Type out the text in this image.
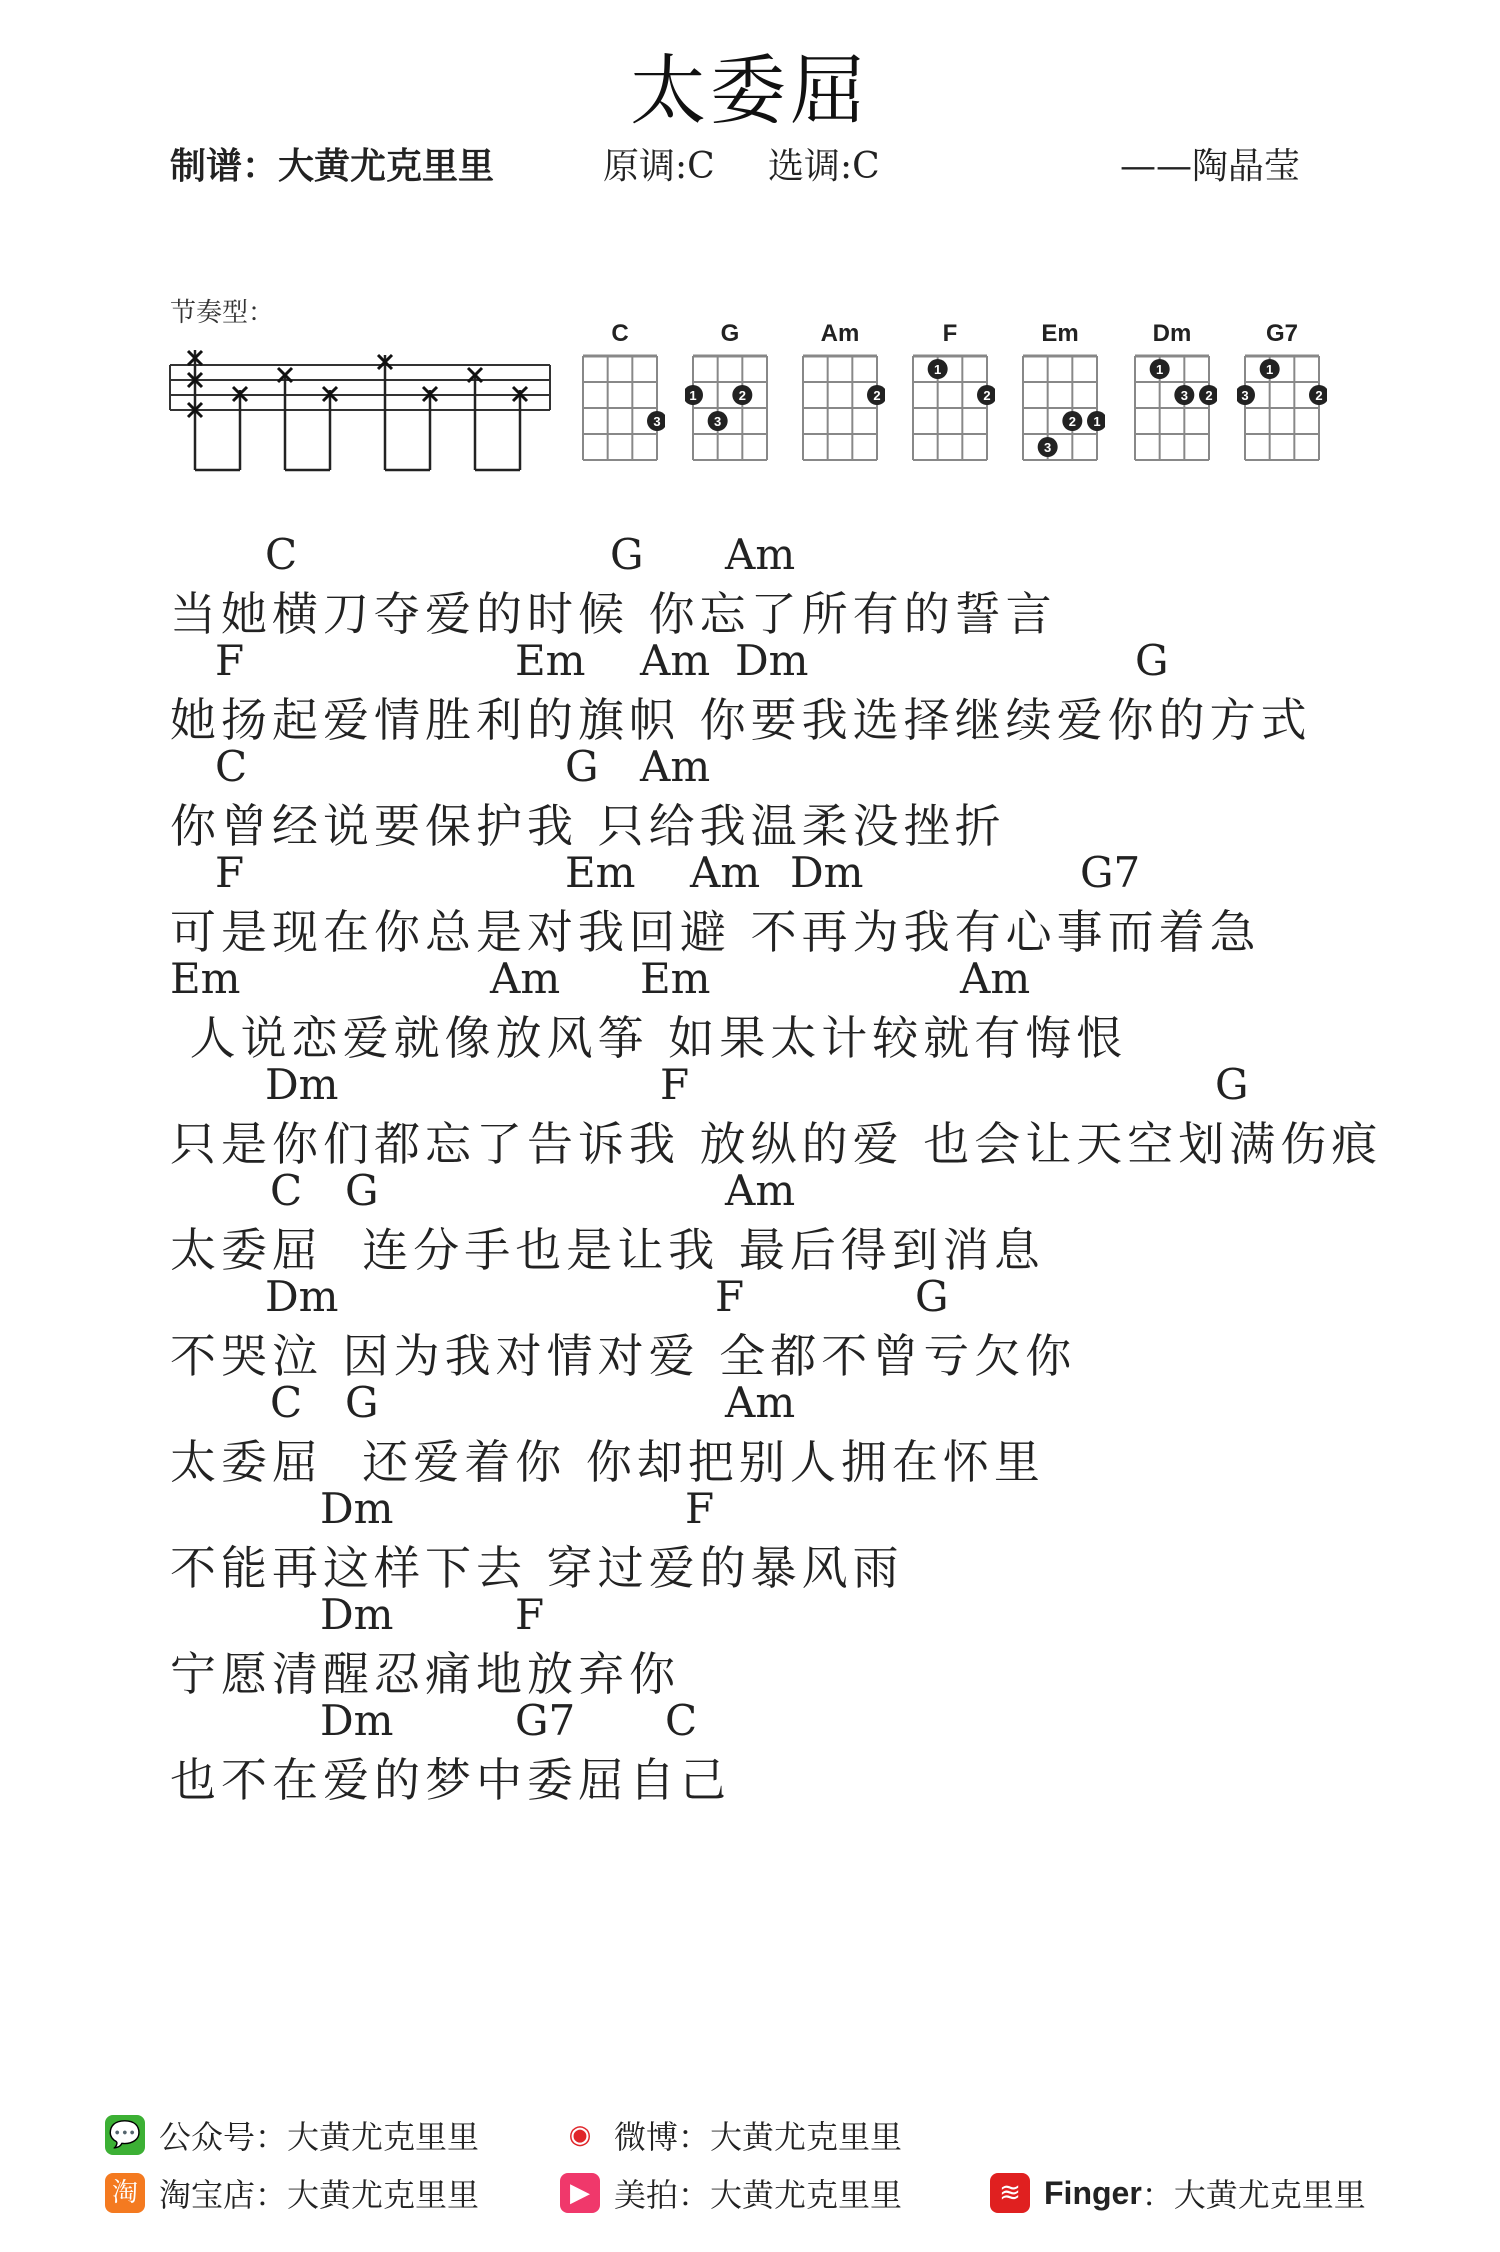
太委屈
制谱：大黄尤克里里	原调:C 选调:C	——陶晶莹
节奏型：
C
3
G
1
3
2
Am
2
F
2
1
Em
1
2
3
Dm
2
3
1
G7
2
1
3
C	G Am
当她横刀夺爱的时候 你忘了所有的誓言
F	Em Am Dm	G
她扬起爱情胜利的旗帜 你要我选择继续爱你的方式
C	G Am
你曾经说要保护我 只给我温柔没挫折
F	Em Am Dm	G7
可是现在你总是对我回避 不再为我有心事而着急
Em	Am Em	Am
人说恋爱就像放风筝 如果太计较就有悔恨
Dm	F	G
只是你们都忘了告诉我 放纵的爱 也会让天空划满伤痕
C G	Am
太委屈  连分手也是让我 最后得到消息
Dm	F	G
不哭泣 因为我对情对爱 全都不曾亏欠你
C G	Am
太委屈  还爱着你 你却把别人拥在怀里
Dm	F
不能再这样下去 穿过爱的暴风雨
Dm	F
宁愿清醒忍痛地放弃你
Dm	G7 C
也不在爱的梦中委屈自己
💬 公众号：大黄尤克里里	◉ 微博：大黄尤克里里
淘 淘宝店：大黄尤克里里	▶ 美拍：大黄尤克里里	≋ Finger ：大黄尤克里里
